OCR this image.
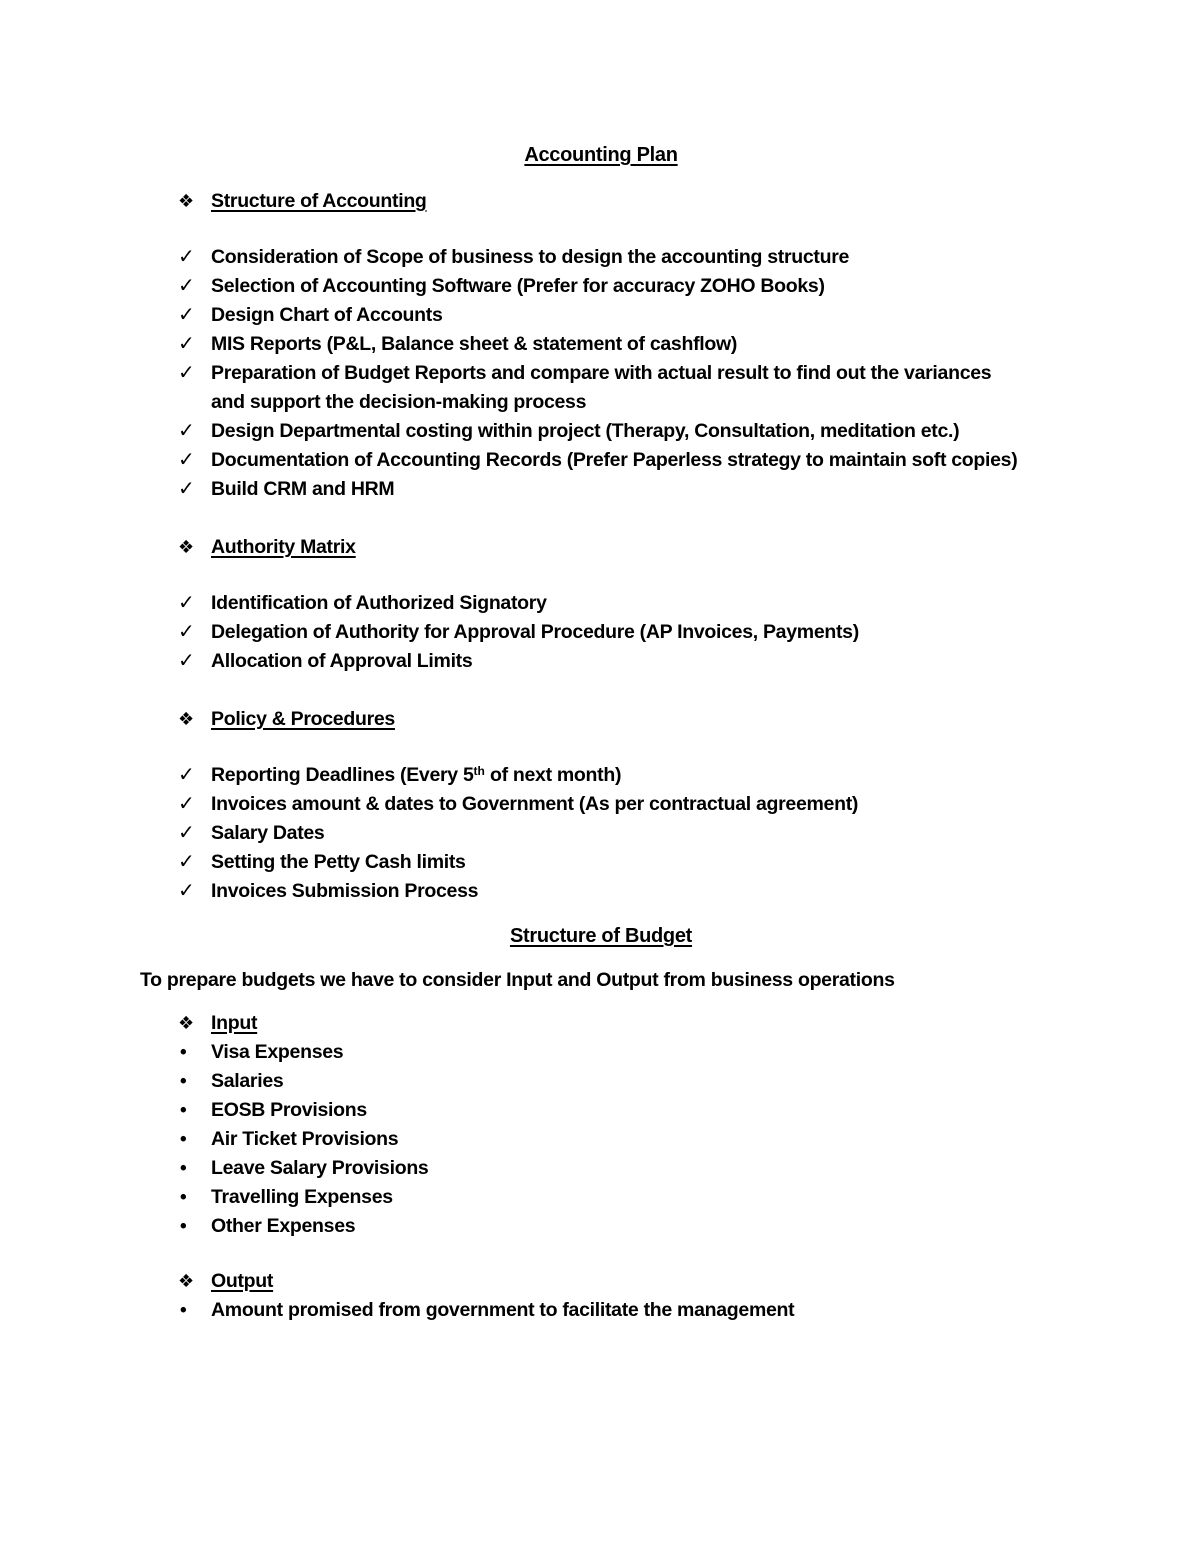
Accounting Plan
❖ Structure of Accounting
✓ Consideration of Scope of business to design the accounting structure
✓ Selection of Accounting Software (Prefer for accuracy ZOHO Books)
✓ Design Chart of Accounts
✓ MIS Reports (P&L, Balance sheet & statement of cashflow)
✓ Preparation of Budget Reports and compare with actual result to find out the variances
and support the decision-making process
✓ Design Departmental costing within project (Therapy, Consultation, meditation etc.)
✓ Documentation of Accounting Records (Prefer Paperless strategy to maintain soft copies)
✓ Build CRM and HRM
❖ Authority Matrix
✓ Identification of Authorized Signatory
✓ Delegation of Authority for Approval Procedure (AP Invoices, Payments)
✓ Allocation of Approval Limits
❖ Policy & Procedures
✓ Reporting Deadlines (Every 5th of next month)
✓ Invoices amount & dates to Government (As per contractual agreement)
✓ Salary Dates
✓ Setting the Petty Cash limits
✓ Invoices Submission Process
Structure of Budget

To prepare budgets we have to consider Input and Output from business operations

❖ Input
•	Visa Expenses
•	Salaries
•	EOSB Provisions
•	Air Ticket Provisions
•	Leave Salary Provisions
•	Travelling Expenses
•	Other Expenses
❖ Output
•	Amount promised from government to facilitate the management
